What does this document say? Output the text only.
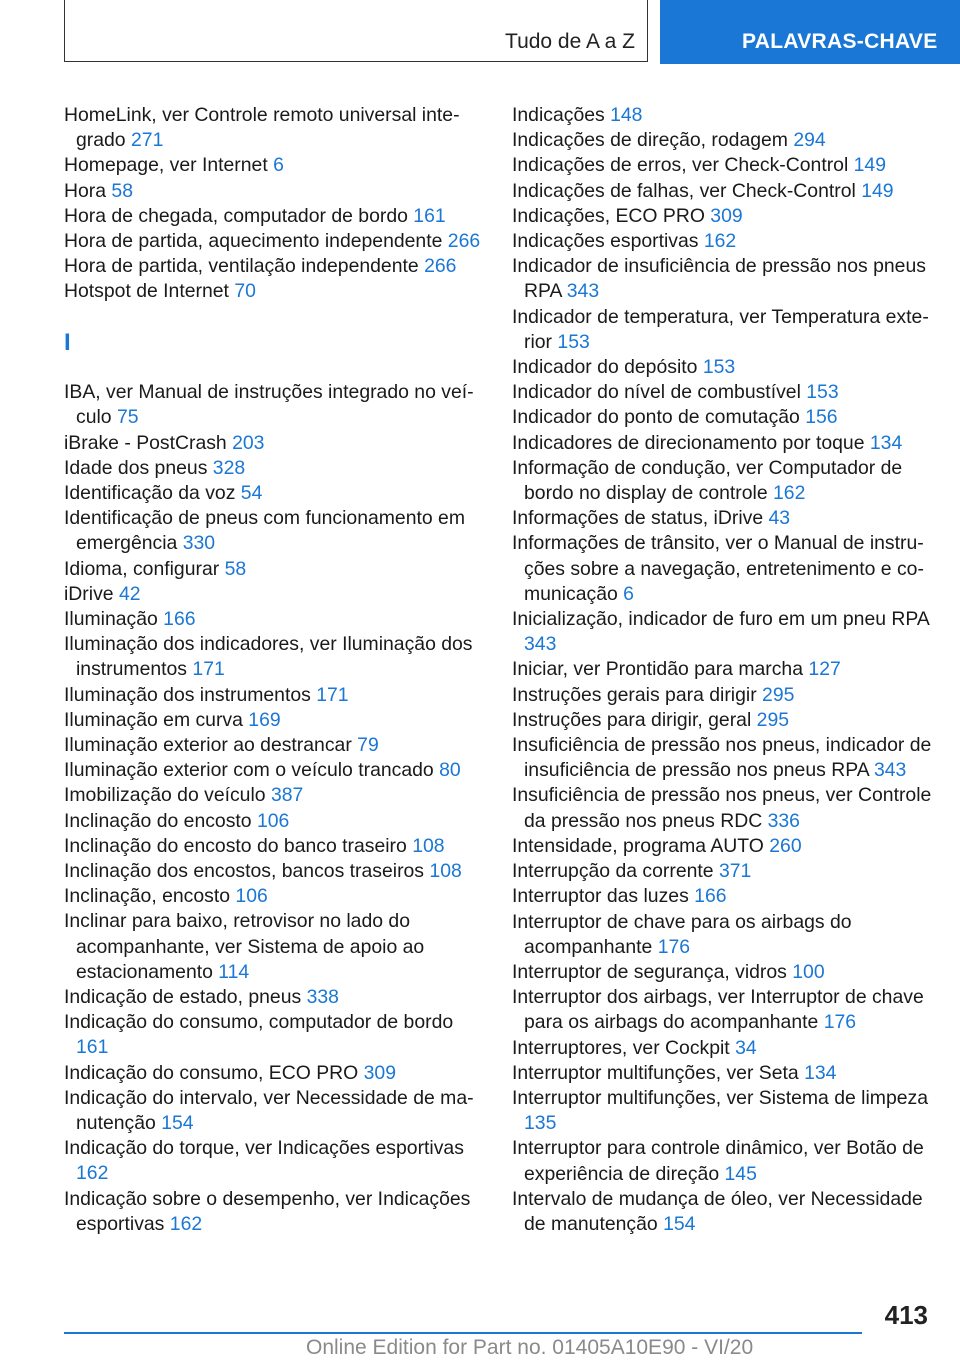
Tudo de A a Z	PALAVRAS-CHAVE
HomeLink, ver Controle remoto universal integrado 271
Homepage, ver Internet 6
Hora 58
Hora de chegada, computador de bordo 161
Hora de partida, aquecimento independente 266
Hora de partida, ventilação independente 266
Hotspot de Internet 70
I
IBA, ver Manual de instruções integrado no veículo 75
iBrake - PostCrash 203
Idade dos pneus 328
Identificação da voz 54
Identificação de pneus com funcionamento em emergência 330
Idioma, configurar 58
iDrive 42
Iluminação 166
Iluminação dos indicadores, ver Iluminação dos instrumentos 171
Iluminação dos instrumentos 171
Iluminação em curva 169
Iluminação exterior ao destrancar 79
Iluminação exterior com o veículo trancado 80
Imobilização do veículo 387
Inclinação do encosto 106
Inclinação do encosto do banco traseiro 108
Inclinação dos encostos, bancos traseiros 108
Inclinação, encosto 106
Inclinar para baixo, retrovisor no lado do acompanhante, ver Sistema de apoio ao estacionamento 114
Indicação de estado, pneus 338
Indicação do consumo, computador de bordo 161
Indicação do consumo, ECO PRO 309
Indicação do intervalo, ver Necessidade de manutenção 154
Indicação do torque, ver Indicações esportivas 162
Indicação sobre o desempenho, ver Indicações esportivas 162
Indicações 148
Indicações de direção, rodagem 294
Indicações de erros, ver Check-Control 149
Indicações de falhas, ver Check-Control 149
Indicações, ECO PRO 309
Indicações esportivas 162
Indicador de insuficiência de pressão nos pneus RPA 343
Indicador de temperatura, ver Temperatura exterior 153
Indicador do depósito 153
Indicador do nível de combustível 153
Indicador do ponto de comutação 156
Indicadores de direcionamento por toque 134
Informação de condução, ver Computador de bordo no display de controle 162
Informações de status, iDrive 43
Informações de trânsito, ver o Manual de instruções sobre a navegação, entretenimento e comunicação 6
Inicialização, indicador de furo em um pneu RPA 343
Iniciar, ver Prontidão para marcha 127
Instruções gerais para dirigir 295
Instruções para dirigir, geral 295
Insuficiência de pressão nos pneus, indicador de insuficiência de pressão nos pneus RPA 343
Insuficiência de pressão nos pneus, ver Controle da pressão nos pneus RDC 336
Intensidade, programa AUTO 260
Interrupção da corrente 371
Interruptor das luzes 166
Interruptor de chave para os airbags do acompanhante 176
Interruptor de segurança, vidros 100
Interruptor dos airbags, ver Interruptor de chave para os airbags do acompanhante 176
Interruptores, ver Cockpit 34
Interruptor multifunções, ver Seta 134
Interruptor multifunções, ver Sistema de limpeza 135
Interruptor para controle dinâmico, ver Botão de experiência de direção 145
Intervalo de mudança de óleo, ver Necessidade de manutenção 154
413
Online Edition for Part no. 01405A10E90 - VI/20
